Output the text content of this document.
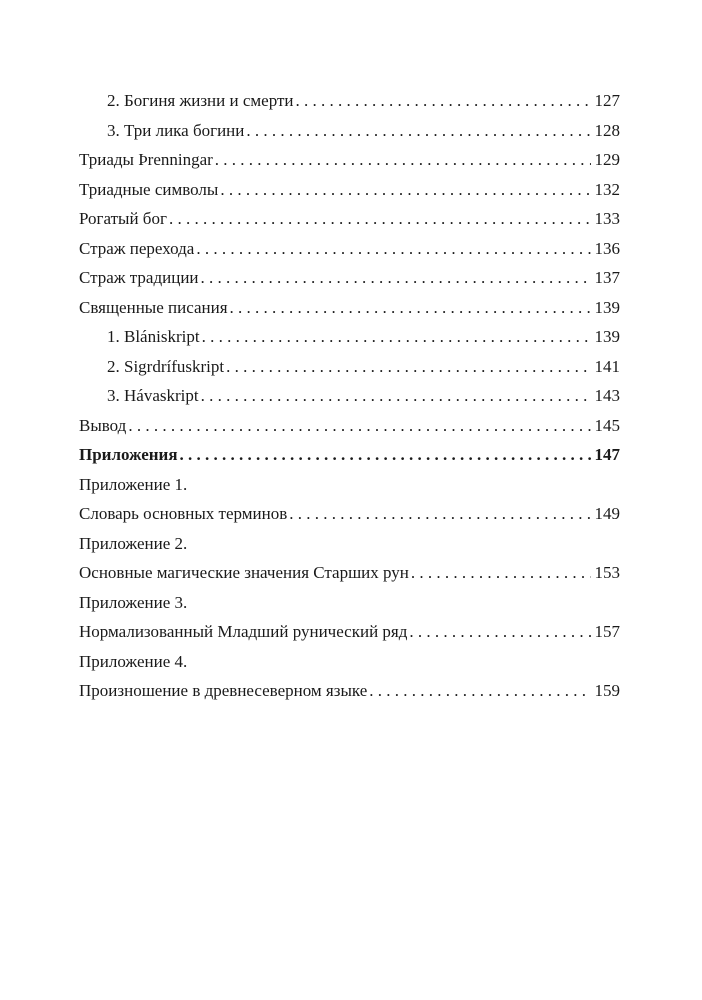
2. Богиня жизни и смерти . . .	127
3. Три лика богини . . .	128
Триады Þrenningar . . .	129
Триадные символы . . .	132
Рогатый бог . . .	133
Страж перехода . . .	136
Страж традиции . . .	137
Священные писания . . .	139
1. Blániskript . . .	139
2. Sigrdrífuskript . . .	141
3. Hávaskript . . .	143
Вывод . . .	145
Приложения . . .	147
Приложение 1.
Словарь основных терминов . . .	149
Приложение 2.
Основные магические значения Старших рун . . .	153
Приложение 3.
Нормализованный Младший рунический ряд . . .	157
Приложение 4.
Произношение в древнесеверном языке . . .	159
